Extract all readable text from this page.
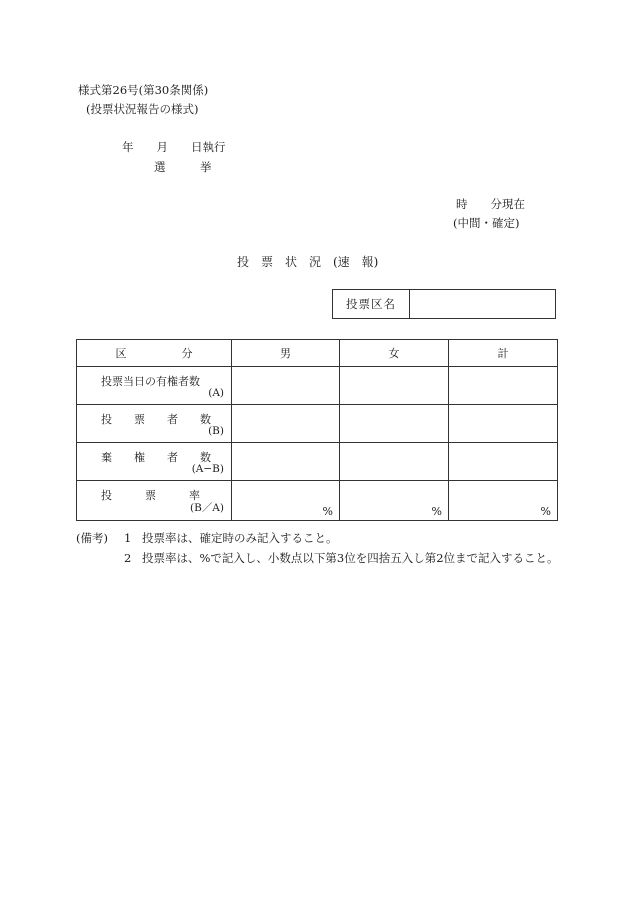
様式第26号(第30条関係)
(投票状況報告の様式)
年　　月　　日執行
選　　　挙
時　　分現在
(中間・確定)
投　票　状　況　(速　報)
投票区名
区　　　　　分	男	女	計

投票当日の有権者数
(A)			

投　　票　　者　　数
(B)			

棄　　権　　者　　数
(A−B)			

投　　　票　　　率
(B／A)	%	%	%
(備考) 1 投票率は、確定時のみ記入すること。
2 投票率は、%で記入し、小数点以下第3位を四捨五入し第2位まで記入すること。
